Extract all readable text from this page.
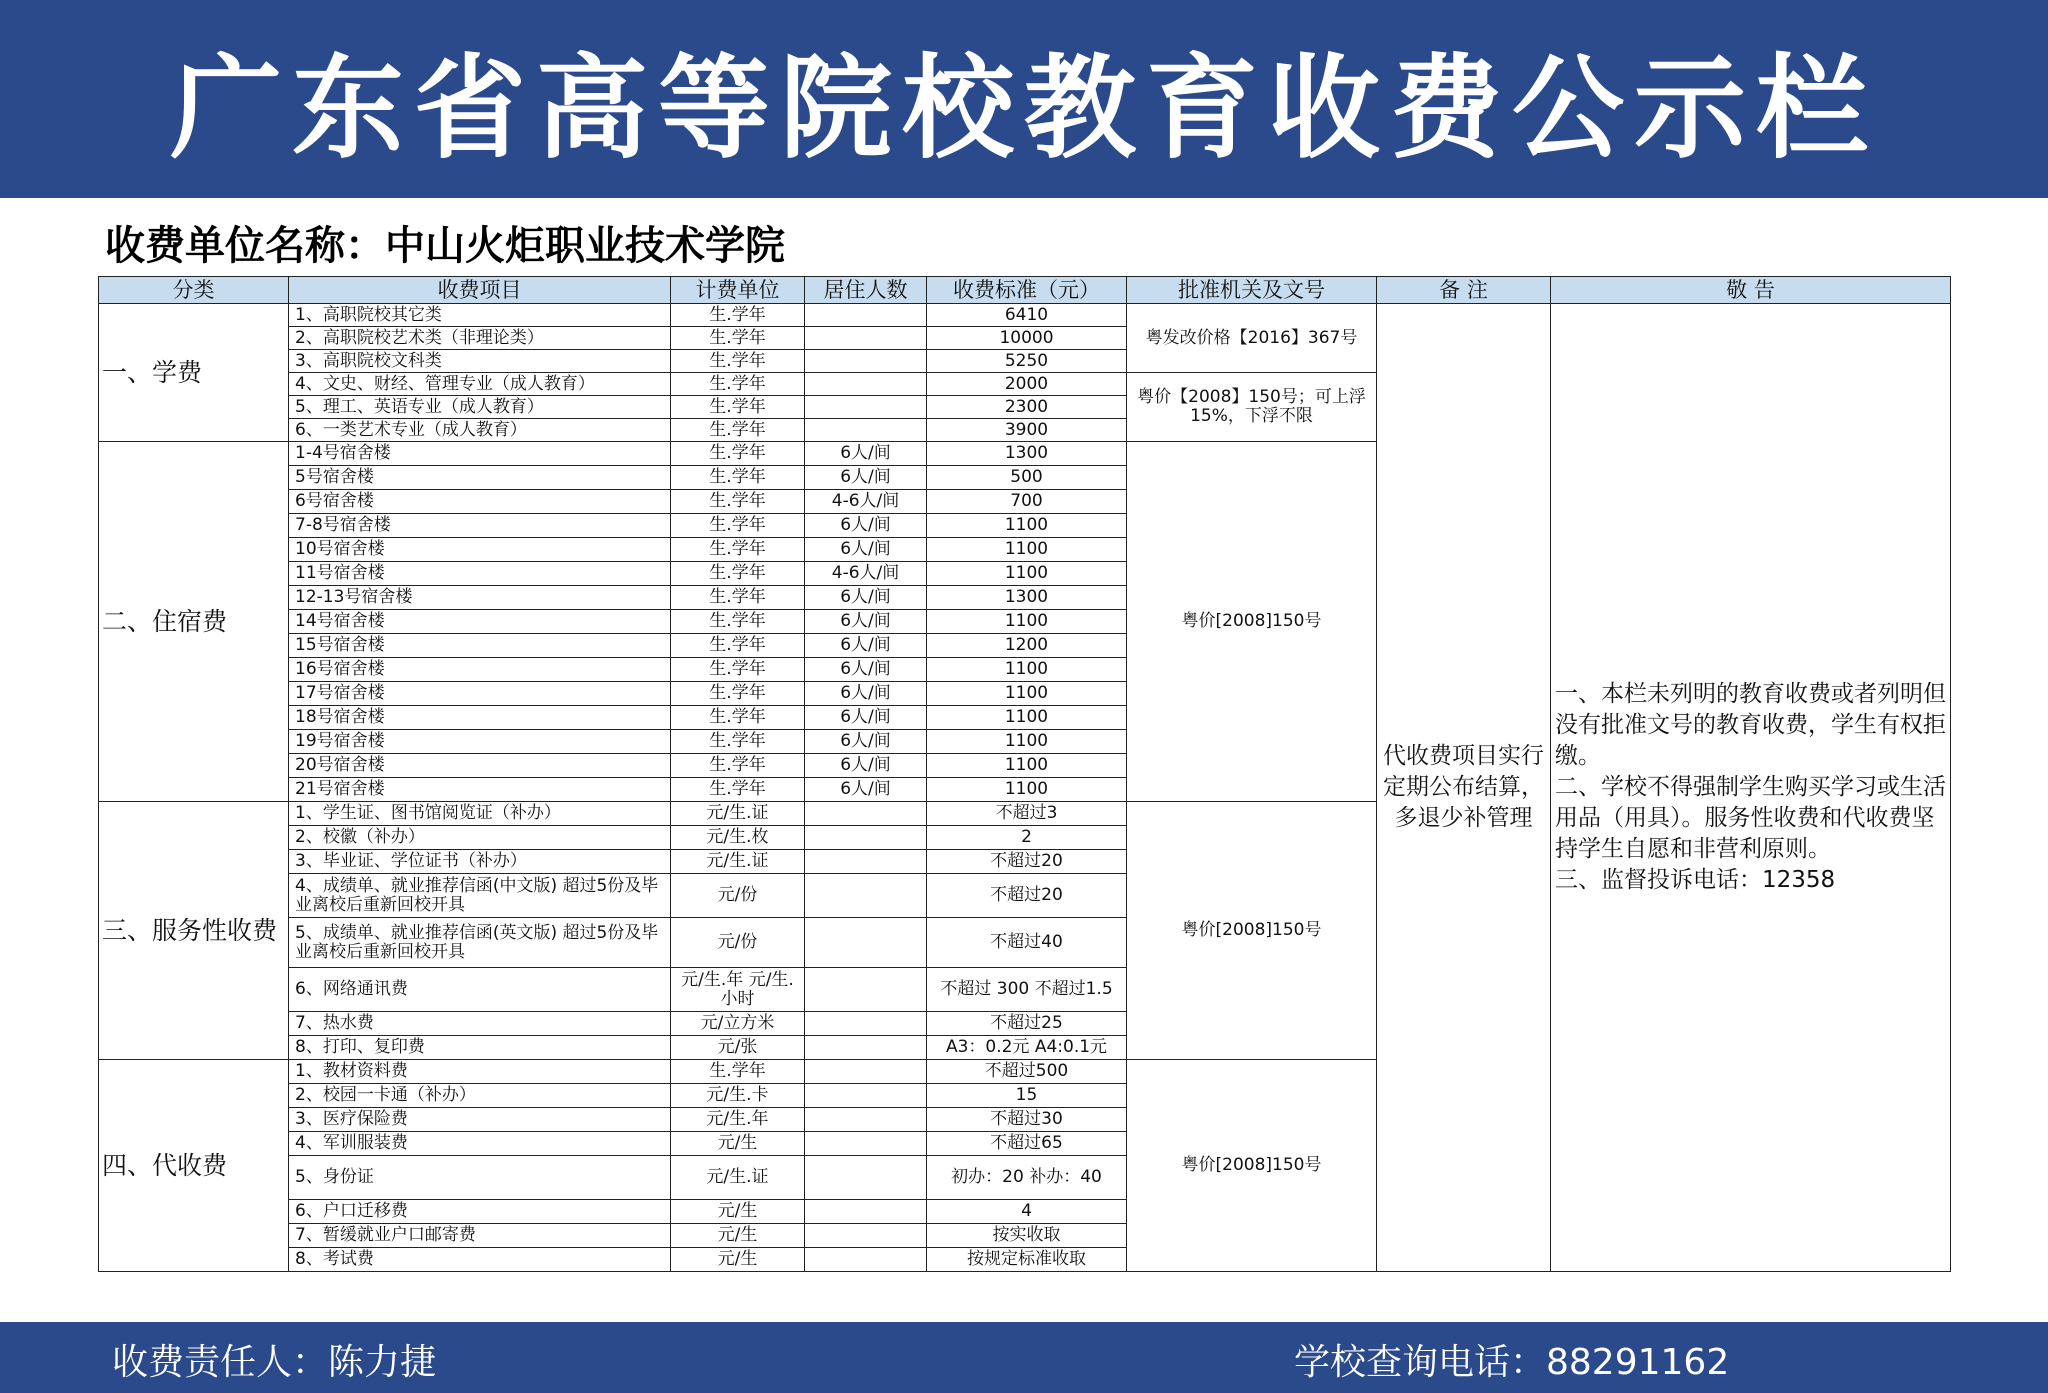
广东省高等院校教育收费公示栏
收费单位名称：中山火炬职业技术学院
分类	收费项目	计费单位	居住人数	收费标准（元）	批准机关及文号	备 注	敬 告
一、学费	1、高职院校其它类	生.学年		6410	粤发改价格【2016】367号	代收费项目实行定期公布结算，多退少补管理	一、本栏未列明的教育收费或者列明但没有批准文号的教育收费，学生有权拒缴。
二、学校不得强制学生购买学习或生活用品（用具）。服务性收费和代收费坚持学生自愿和非营利原则。
三、监督投诉电话：12358

	2、高职院校艺术类（非理论类）	生.学年		10000			
	3、高职院校文科类	生.学年		5250			
	4、文史、财经、管理专业（成人教育）	生.学年		2000	粤价【2008】150号；可上浮15%，下浮不限		
	5、理工、英语专业（成人教育）	生.学年		2300			
	6、一类艺术专业（成人教育）	生.学年		3900			
二、住宿费	1-4号宿舍楼	生.学年	6人/间	1300	粤价[2008]150号		
	5号宿舍楼	生.学年	6人/间	500			
	6号宿舍楼	生.学年	4-6人/间	700			
	7-8号宿舍楼	生.学年	6人/间	1100			
	10号宿舍楼	生.学年	6人/间	1100			
	11号宿舍楼	生.学年	4-6人/间	1100			
	12-13号宿舍楼	生.学年	6人/间	1300			
	14号宿舍楼	生.学年	6人/间	1100			
	15号宿舍楼	生.学年	6人/间	1200			
	16号宿舍楼	生.学年	6人/间	1100			
	17号宿舍楼	生.学年	6人/间	1100			
	18号宿舍楼	生.学年	6人/间	1100			
	19号宿舍楼	生.学年	6人/间	1100			
	20号宿舍楼	生.学年	6人/间	1100			
	21号宿舍楼	生.学年	6人/间	1100			
三、服务性收费	1、学生证、图书馆阅览证（补办）	元/生.证		不超过3	粤价[2008]150号		
	2、校徽（补办）	元/生.枚		2			
	3、毕业证、学位证书（补办）	元/生.证		不超过20			
	4、成绩单、就业推荐信函(中文版) 超过5份及毕业离校后重新回校开具	元/份		不超过20			
	5、成绩单、就业推荐信函(英文版) 超过5份及毕业离校后重新回校开具	元/份		不超过40			
	6、网络通讯费	元/生.年 元/生.小时		不超过 300 不超过1.5			
	7、热水费	元/立方米		不超过25			
	8、打印、复印费	元/张		A3：0.2元 A4:0.1元			
四、代收费	1、教材资料费	生.学年		不超过500	粤价[2008]150号		
	2、校园一卡通（补办）	元/生.卡		15			
	3、医疗保险费	元/生.年		不超过30			
	4、军训服装费	元/生		不超过65			
	5、身份证	元/生.证		初办：20 补办：40			
	6、户口迁移费	元/生		4			
	7、暂缓就业户口邮寄费	元/生		按实收取			
	8、考试费	元/生		按规定标准收取			
收费责任人：陈力捷	学校查询电话：88291162
